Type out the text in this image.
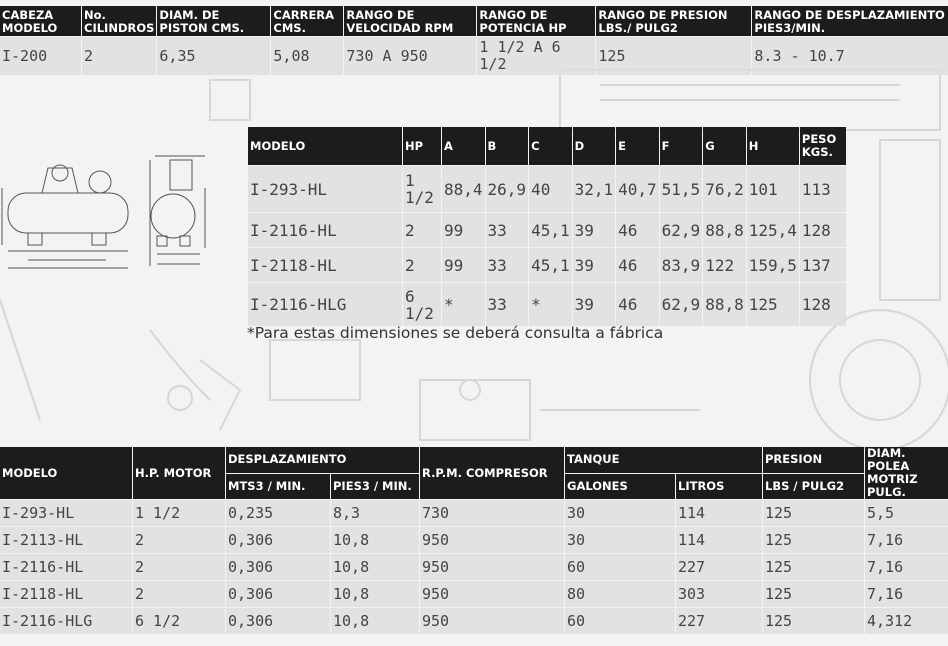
CABEZA MODELO	No. CILINDROS	DIAM. DE PISTON CMS.	CARRERA CMS.	RANGO DE VELOCIDAD RPM	RANGO DE POTENCIA HP	RANGO DE PRESION LBS./ PULG2	RANGO DE DESPLAZAMIENTO PIES3/MIN.
I-200	2	6,35	5,08	730 A 950	1 1/2 A 6 1/2	125	8.3 - 10.7
MODELO	HP	A	B	C	D	E	F	G	H	PESO KGS.
I-293-HL	1 1/2	88,4	26,9	40	32,1	40,7	51,5	76,2	101	113
I-2116-HL	2	99	33	45,1	39	46	62,9	88,8	125,4	128
I-2118-HL	2	99	33	45,1	39	46	83,9	122	159,5	137
I-2116-HLG	6 1/2	*	33	*	39	46	62,9	88,8	125	128
*Para estas dimensiones se deberá consulta a fábrica
MODELO	H.P. MOTOR	DESPLAZAMIENTO		R.P.M. COMPRESOR	TANQUE		PRESION	DIAM. POLEA MOTRIZ PULG.
		MTS3 / MIN.	PIES3 / MIN.		GALONES	LITROS	LBS / PULG2	
I-293-HL	1 1/2	0,235	8,3	730	30	114	125	5,5
I-2113-HL	2	0,306	10,8	950	30	114	125	7,16
I-2116-HL	2	0,306	10,8	950	60	227	125	7,16
I-2118-HL	2	0,306	10,8	950	80	303	125	7,16
I-2116-HLG	6 1/2	0,306	10,8	950	60	227	125	4,312
